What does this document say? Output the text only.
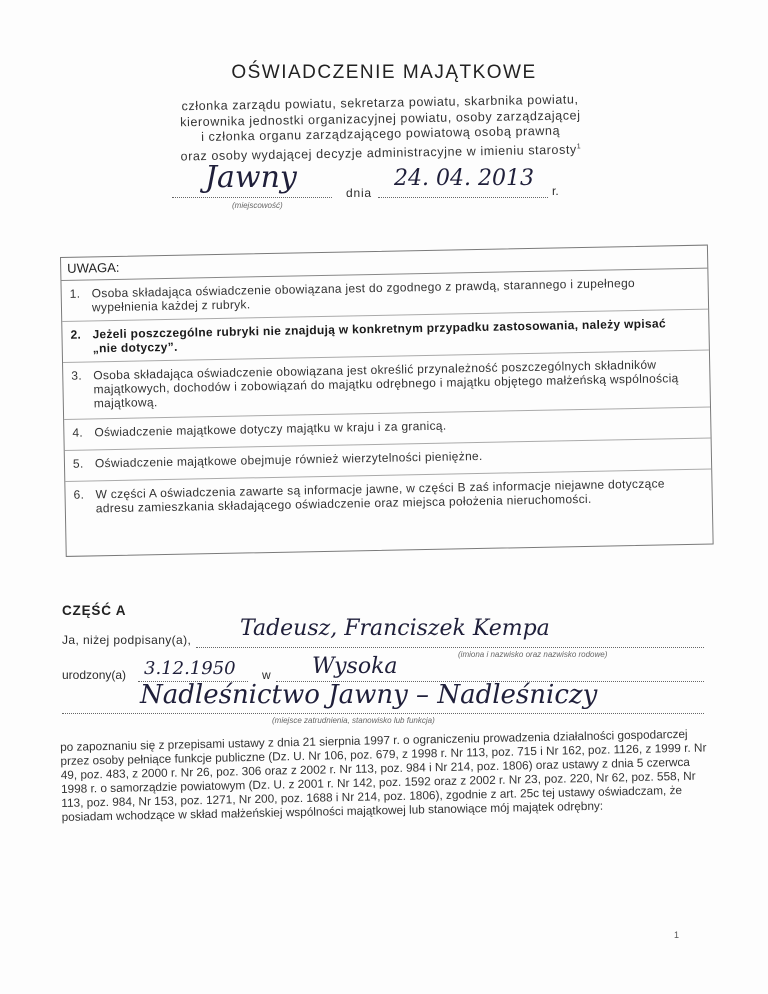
OŚWIADCZENIE MAJĄTKOWE
członka zarządu powiatu, sekretarza powiatu, skarbnika powiatu,
kierownika jednostki organizacyjnej powiatu, osoby zarządzającej
i członka organu zarządzającego powiatową osobą prawną
oraz osoby wydającej decyzje administracyjne w imieniu starosty$^1$
Jawny
(miejscowość)
dnia
24. 04. 2013 r.
UWAGA:
1. Osoba składająca oświadczenie obowiązana jest do zgodnego z prawdą, starannego i zupełnego wypełnienia każdej z rubryk.
2. Jeżeli poszczególne rubryki nie znajdują w konkretnym przypadku zastosowania, należy wpisać „nie dotyczy”.
3. Osoba składająca oświadczenie obowiązana jest określić przynależność poszczególnych składników majątkowych, dochodów i zobowiązań do majątku odrębnego i majątku objętego małżeńską wspólnością majątkową.
4. Oświadczenie majątkowe dotyczy majątku w kraju i za granicą.
5. Oświadczenie majątkowe obejmuje również wierzytelności pieniężne.
6. W części A oświadczenia zawarte są informacje jawne, w części B zaś informacje niejawne dotyczące adresu zamieszkania składającego oświadczenie oraz miejsca położenia nieruchomości.
CZĘŚĆ A
Ja, niżej podpisany(a), Tadeusz, Franciszek Kempa
(imiona i nazwisko oraz nazwisko rodowe)
urodzony(a) 3.12.1950 w Wysoka
Nadleśnictwo Jawny – Nadleśniczy
(miejsce zatrudnienia, stanowisko lub funkcja)
po zapoznaniu się z przepisami ustawy z dnia 21 sierpnia 1997 r. o ograniczeniu prowadzenia działalności gospodarczej przez osoby pełniące funkcje publiczne (Dz. U. Nr 106, poz. 679, z 1998 r. Nr 113, poz. 715 i Nr 162, poz. 1126, z 1999 r. Nr 49, poz. 483, z 2000 r. Nr 26, poz. 306 oraz z 2002 r. Nr 113, poz. 984 i Nr 214, poz. 1806) oraz ustawy z dnia 5 czerwca 1998 r. o samorządzie powiatowym (Dz. U. z 2001 r. Nr 142, poz. 1592 oraz z 2002 r. Nr 23, poz. 220, Nr 62, poz. 558, Nr 113, poz. 984, Nr 153, poz. 1271, Nr 200, poz. 1688 i Nr 214, poz. 1806), zgodnie z art. 25c tej ustawy oświadczam, że posiadam wchodzące w skład małżeńskiej wspólności majątkowej lub stanowiące mój majątek odrębny:
1
